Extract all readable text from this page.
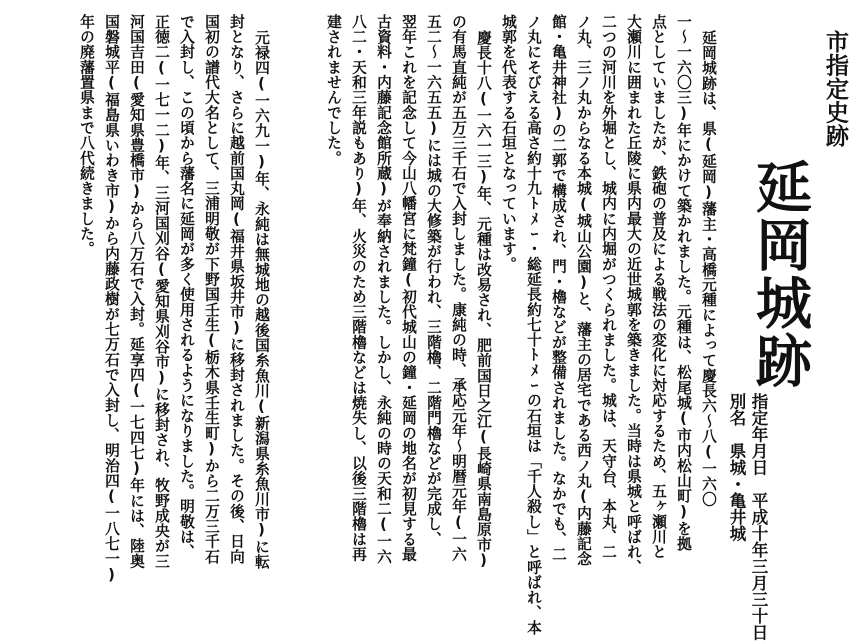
市指定史跡
延岡城跡
別名　県城・亀井城 指定年月日　平成十年三月三十日
延岡城跡は、県(延岡)藩主・高橋元種によって慶長六～八(一六〇
一～一六〇三)年にかけて築かれました。元種は、松尾城(市内松山町)を拠
点としていましたが、鉄砲の普及による戦法の変化に対応するため、五ヶ瀬川と
大瀬川に囲まれた丘陵に県内最大の近世城郭を築きました。当時は県城と呼ばれ、
二つの河川を外堀とし、城内に内堀がつくられました。城は、天守台、本丸、二
ノ丸、三ノ丸からなる本城(城山公園)と、藩主の居宅である西ノ丸(内藤記念
館・亀井神社)の二郭で構成され、門・櫓などが整備されました。なかでも、二
ノ丸にそびえる高さ約十九ﾄﾒｰ・総延長約七十ﾄﾒｰの石垣は「千人殺し」と呼ばれ、本
城郭を代表する石垣となっています。
慶長十八(一六一三)年、元種は改易され、肥前国日之江(長崎県南島原市)
の有馬直純が五万三千石で入封しました。康純の時、承応元年～明暦元年(一六
五二～一六五五)には城の大修築が行われ、三階櫓、二階門櫓などが完成し、
翌年これを記念して今山八幡宮に梵鐘(初代城山の鐘・延岡の地名が初見する最
古資料・内藤記念館所蔵)が奉納されました。しかし、永純の時の天和二(一六
八二・天和三年説もあり)年、火災のため三階櫓などは焼失し、以後三階櫓は再
建されませんでした。
元禄四(一六九一)年、永純は無城地の越後国糸魚川(新潟県糸魚川市)に転
封となり、さらに越前国丸岡(福井県坂井市)に移封されました。その後、日向
国初の譜代大名として、三浦明敬が下野国壬生(栃木県壬生町)から二万三千石
で入封し、この頃から藩名に延岡が多く使用されるようになりました。明敬は、
正徳二(一七一二)年、三河国刈谷(愛知県刈谷市)に移封され、牧野成央が三
河国吉田(愛知県豊橋市)から八万石で入封。延享四(一七四七)年には、陸奥
国磐城平(福島県いわき市)から内藤政樹が七万石で入封し、明治四(一八七一)
年の廃藩置県まで八代続きました。
